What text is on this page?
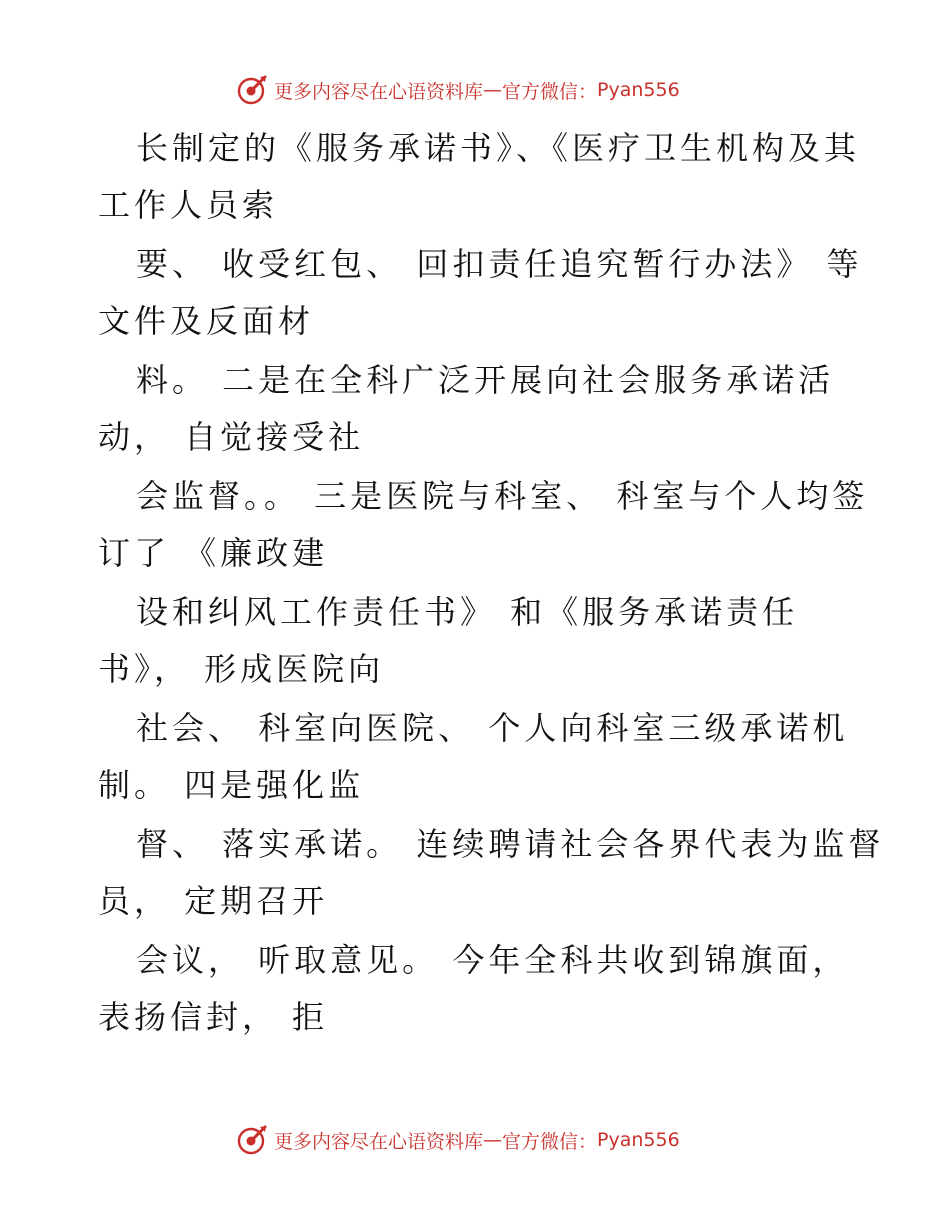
更多内容尽在心语资料库 — 官方微信： Pyan556
长制定的《服务承诺书》、《医疗卫生机构及其
工作人员索
要、 收受红包、 回扣责任追究暂行办法》 等
文件及反面材
料。 二是在全科广泛开展向社会服务承诺活
动， 自觉接受社
会监督。。 三是医院与科室、 科室与个人均签
订了 《廉政建
设和纠风工作责任书》 和《服务承诺责任
书》， 形成医院向
社会、 科室向医院、 个人向科室三级承诺机
制。 四是强化监
督、 落实承诺。 连续聘请社会各界代表为监督
员， 定期召开
会议， 听取意见。 今年全科共收到锦旗面，
表扬信封， 拒
更多内容尽在心语资料库 — 官方微信： Pyan556
